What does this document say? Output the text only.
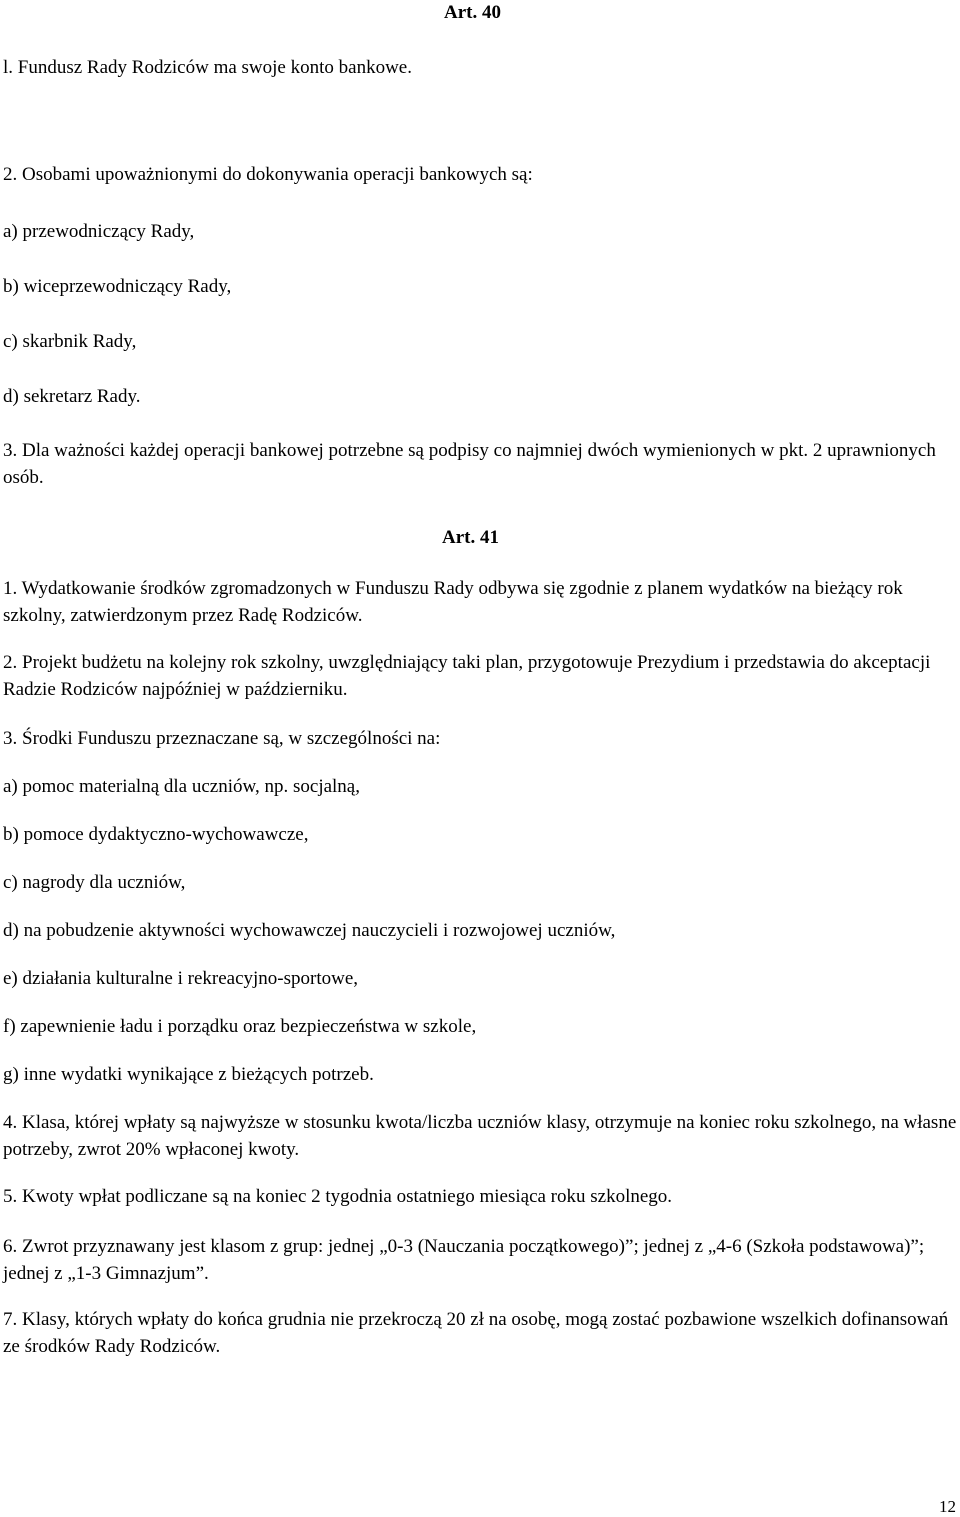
Art. 40
l. Fundusz Rady Rodziców ma swoje konto bankowe.
2. Osobami upoważnionymi do dokonywania operacji bankowych są:
a) przewodniczący Rady,
b) wiceprzewodniczący Rady,
c) skarbnik Rady,
d) sekretarz Rady.
3. Dla ważności każdej operacji bankowej potrzebne są podpisy co najmniej dwóch wymienionych w pkt. 2 uprawnionych osób.
Art. 41
1. Wydatkowanie środków zgromadzonych w Funduszu Rady odbywa się zgodnie z planem wydatków na bieżący rok szkolny, zatwierdzonym przez Radę Rodziców.
2. Projekt budżetu na kolejny rok szkolny, uwzględniający taki plan, przygotowuje Prezydium i przedstawia do akceptacji Radzie Rodziców najpóźniej w październiku.
3. Środki Funduszu przeznaczane są, w szczególności na:
a) pomoc materialną dla uczniów, np. socjalną,
b) pomoce dydaktyczno-wychowawcze,
c) nagrody dla uczniów,
d) na pobudzenie aktywności wychowawczej nauczycieli i rozwojowej uczniów,
e) działania kulturalne i rekreacyjno-sportowe,
f) zapewnienie ładu i porządku oraz bezpieczeństwa w szkole,
g) inne wydatki wynikające z bieżących potrzeb.
4. Klasa, której wpłaty są najwyższe w stosunku kwota/liczba uczniów klasy, otrzymuje na koniec roku szkolnego, na własne potrzeby, zwrot 20% wpłaconej kwoty.
5. Kwoty wpłat podliczane są na koniec 2 tygodnia ostatniego miesiąca roku szkolnego.
6. Zwrot przyznawany jest klasom z grup: jednej „0-3 (Nauczania początkowego)”; jednej z „4-6 (Szkoła podstawowa)”; jednej z „1-3 Gimnazjum”.
7. Klasy, których wpłaty do końca grudnia nie przekroczą 20 zł na osobę, mogą zostać pozbawione wszelkich dofinansowań ze środków Rady Rodziców.
12
